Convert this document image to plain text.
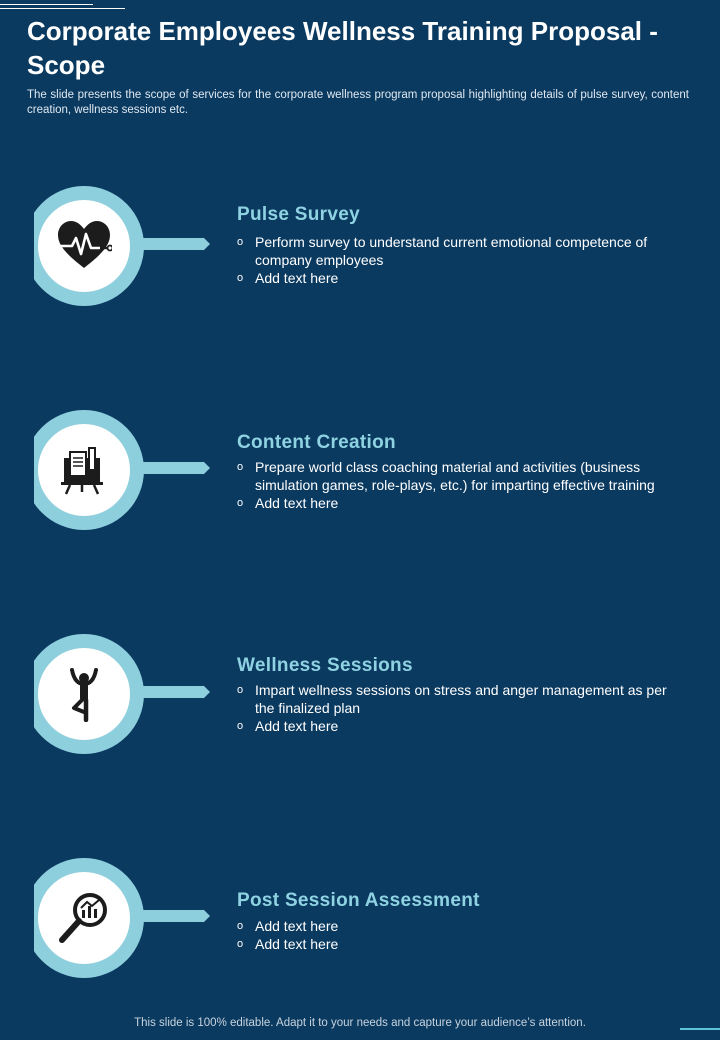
Corporate Employees Wellness Training Proposal - Scope

The slide presents the scope of services for the corporate wellness program proposal highlighting details of pulse survey, content creation, wellness sessions etc.

Pulse Survey
o Perform survey to understand current emotional competence of company employees
o Add text here
Content Creation
o Prepare world class coaching material and activities (business simulation games, role-plays, etc.) for imparting effective training
o Add text here
Wellness Sessions
o Impart wellness sessions on stress and anger management as per the finalized plan
o Add text here
Post Session Assessment
o Add text here
o Add text here
This slide is 100% editable. Adapt it to your needs and capture your audience’s attention.
